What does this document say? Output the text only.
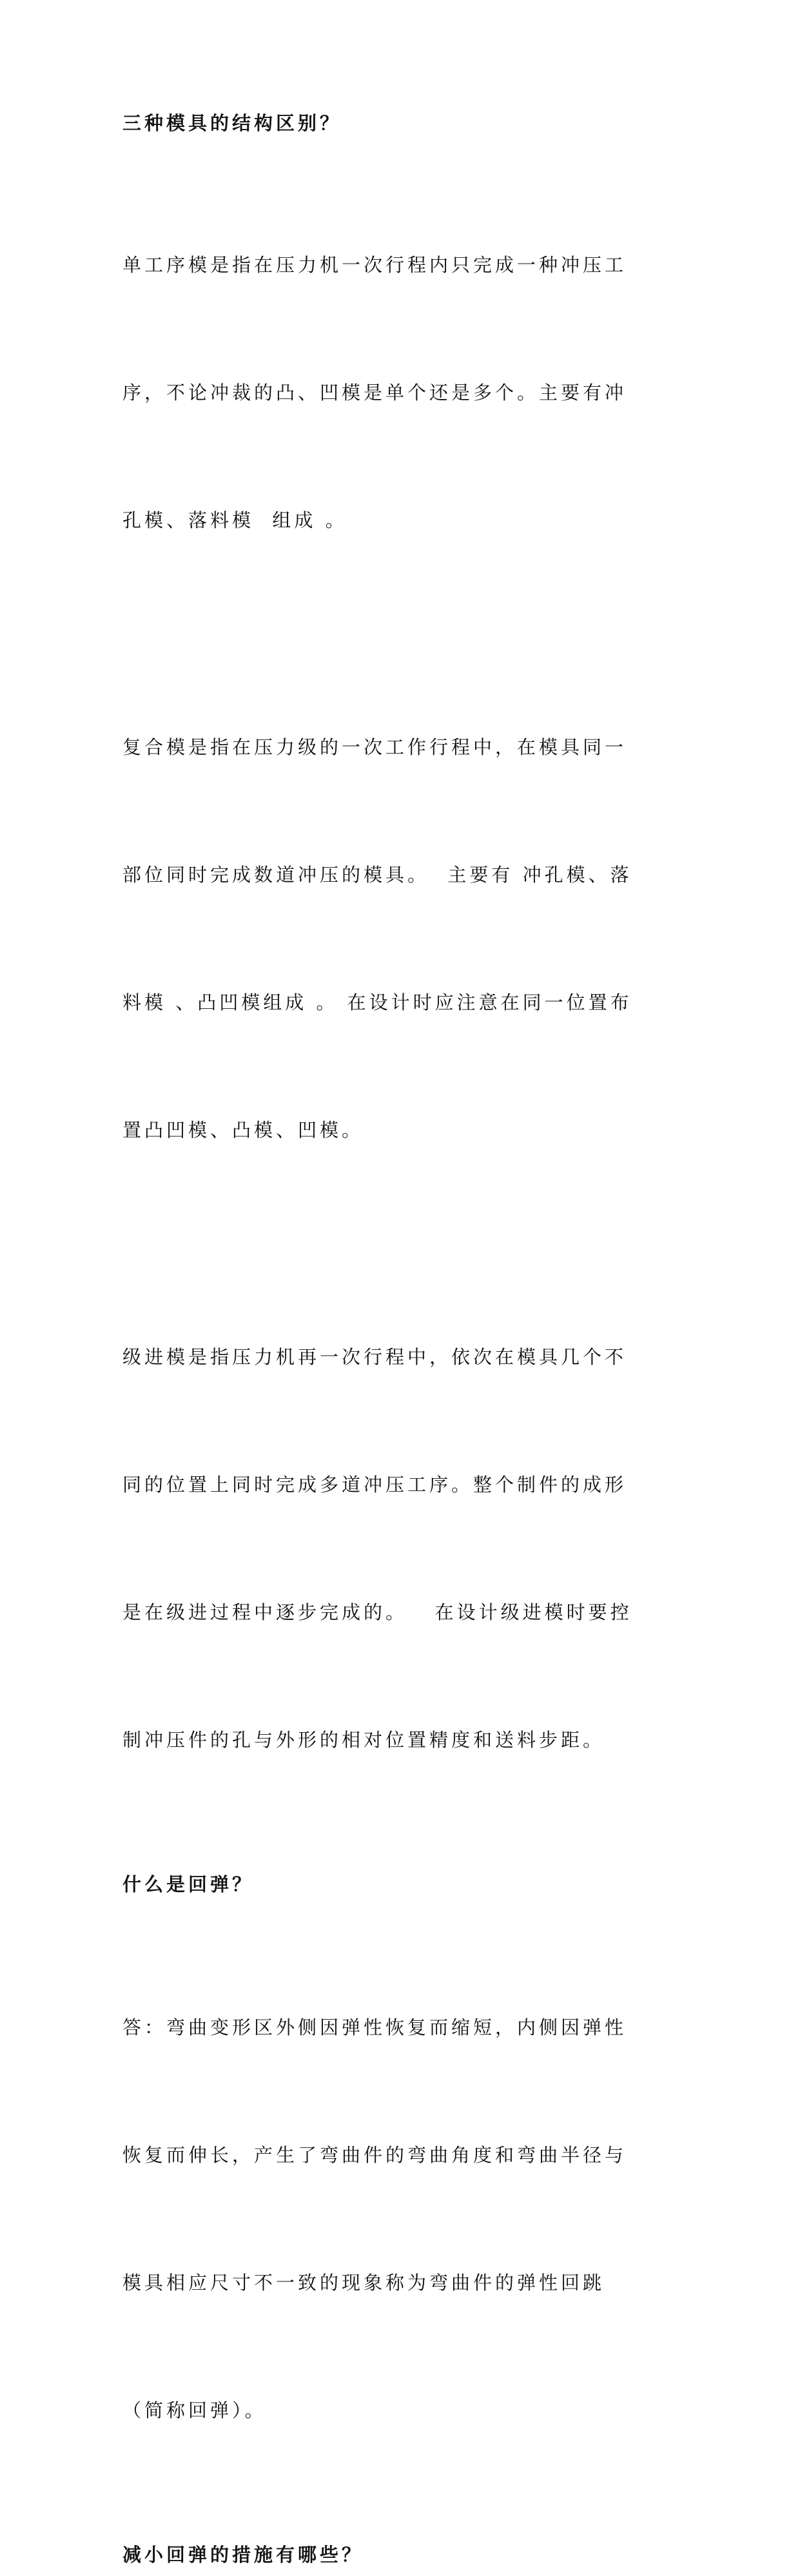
三种模具的结构区别？

单工序模是指在压力机一次行程内只完成一种冲压工

序，不论冲裁的凸、凹模是单个还是多个。主要有冲

孔模、落料模  组成 。

复合模是指在压力级的一次工作行程中，在模具同一

部位同时完成数道冲压的模具。  主要有 冲孔模、落

料模 、凸凹模组成 。 在设计时应注意在同一位置布

置凸凹模、凸模、凹模。

级进模是指压力机再一次行程中，依次在模具几个不

同的位置上同时完成多道冲压工序。整个制件的成形

是在级进过程中逐步完成的。   在设计级进模时要控

制冲压件的孔与外形的相对位置精度和送料步距。

什么是回弹？

答：弯曲变形区外侧因弹性恢复而缩短，内侧因弹性

恢复而伸长，产生了弯曲件的弯曲角度和弯曲半径与

模具相应尺寸不一致的现象称为弯曲件的弹性回跳

（简称回弹）。

减小回弹的措施有哪些？
